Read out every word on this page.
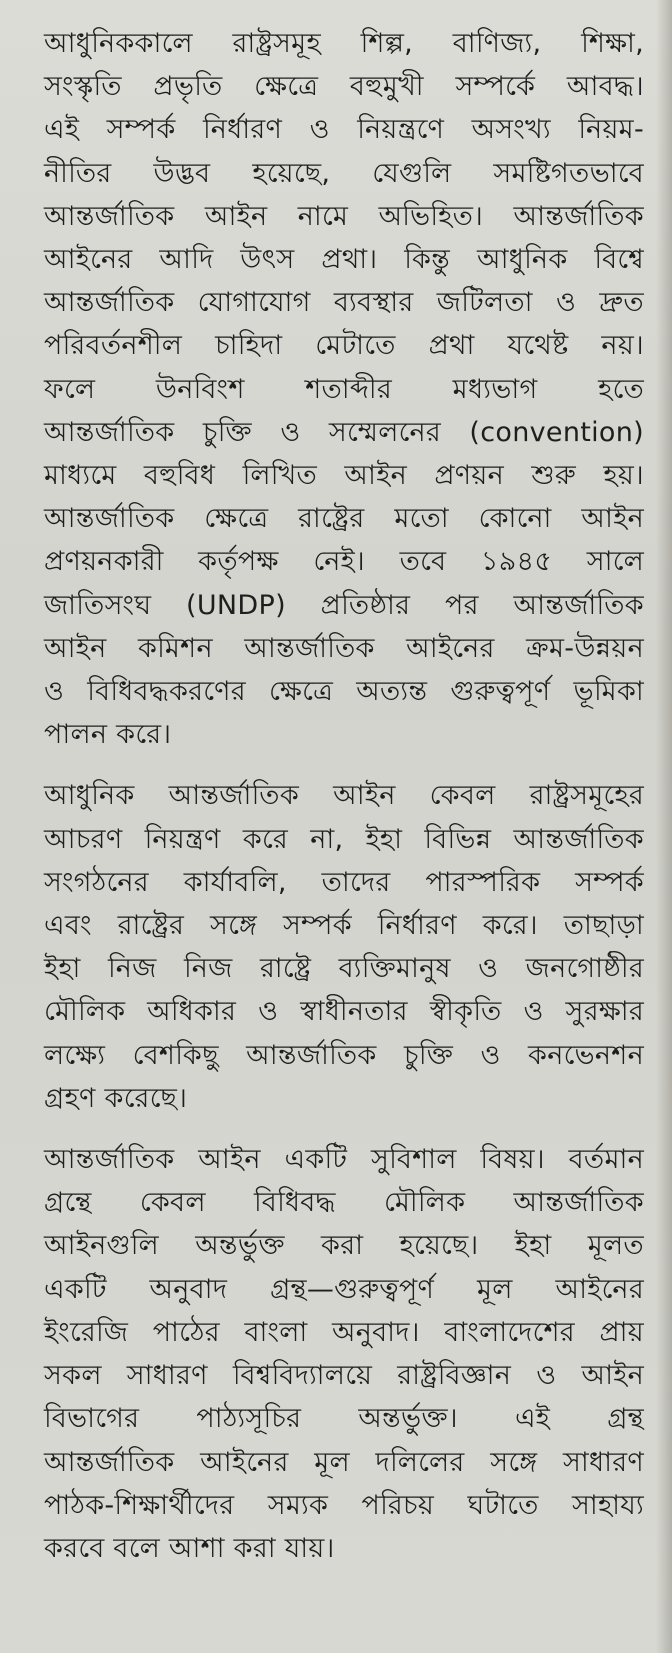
আধুনিককালে রাষ্ট্রসমূহ শিল্প, বাণিজ্য, শিক্ষা,
সংস্কৃতি প্রভৃতি ক্ষেত্রে বহুমুখী সম্পর্কে আবদ্ধ।
এই সম্পর্ক নির্ধারণ ও নিয়ন্ত্রণে অসংখ্য নিয়ম-
নীতির উদ্ভব হয়েছে, যেগুলি সমষ্টিগতভাবে
আন্তর্জাতিক আইন নামে অভিহিত। আন্তর্জাতিক
আইনের আদি উৎস প্রথা। কিন্তু আধুনিক বিশ্বে
আন্তর্জাতিক যোগাযোগ ব্যবস্থার জটিলতা ও দ্রুত
পরিবর্তনশীল চাহিদা মেটাতে প্রথা যথেষ্ট নয়।
ফলে উনবিংশ শতাব্দীর মধ্যভাগ হতে
আন্তর্জাতিক চুক্তি ও সম্মেলনের (convention)
মাধ্যমে বহুবিধ লিখিত আইন প্রণয়ন শুরু হয়।
আন্তর্জাতিক ক্ষেত্রে রাষ্ট্রের মতো কোনো আইন
প্রণয়নকারী কর্তৃপক্ষ নেই। তবে ১৯৪৫ সালে
জাতিসংঘ (UNDP) প্রতিষ্ঠার পর আন্তর্জাতিক
আইন কমিশন আন্তর্জাতিক আইনের ক্রম-উন্নয়ন
ও বিধিবদ্ধকরণের ক্ষেত্রে অত্যন্ত গুরুত্বপূর্ণ ভূমিকা
পালন করে।
আধুনিক আন্তর্জাতিক আইন কেবল রাষ্ট্রসমূহের
আচরণ নিয়ন্ত্রণ করে না, ইহা বিভিন্ন আন্তর্জাতিক
সংগঠনের কার্যাবলি, তাদের পারস্পরিক সম্পর্ক
এবং রাষ্ট্রের সঙ্গে সম্পর্ক নির্ধারণ করে। তাছাড়া
ইহা নিজ নিজ রাষ্ট্রে ব্যক্তিমানুষ ও জনগোষ্ঠীর
মৌলিক অধিকার ও স্বাধীনতার স্বীকৃতি ও সুরক্ষার
লক্ষ্যে বেশকিছু আন্তর্জাতিক চুক্তি ও কনভেনশন
গ্রহণ করেছে।
আন্তর্জাতিক আইন একটি সুবিশাল বিষয়। বর্তমান
গ্রন্থে কেবল বিধিবদ্ধ মৌলিক আন্তর্জাতিক
আইনগুলি অন্তর্ভুক্ত করা হয়েছে। ইহা মূলত
একটি অনুবাদ গ্রন্থ—গুরুত্বপূর্ণ মূল আইনের
ইংরেজি পাঠের বাংলা অনুবাদ। বাংলাদেশের প্রায়
সকল সাধারণ বিশ্ববিদ্যালয়ে রাষ্ট্রবিজ্ঞান ও আইন
বিভাগের পাঠ্যসূচির অন্তর্ভুক্ত। এই গ্রন্থ
আন্তর্জাতিক আইনের মূল দলিলের সঙ্গে সাধারণ
পাঠক-শিক্ষার্থীদের সম্যক পরিচয় ঘটাতে সাহায্য
করবে বলে আশা করা যায়।
